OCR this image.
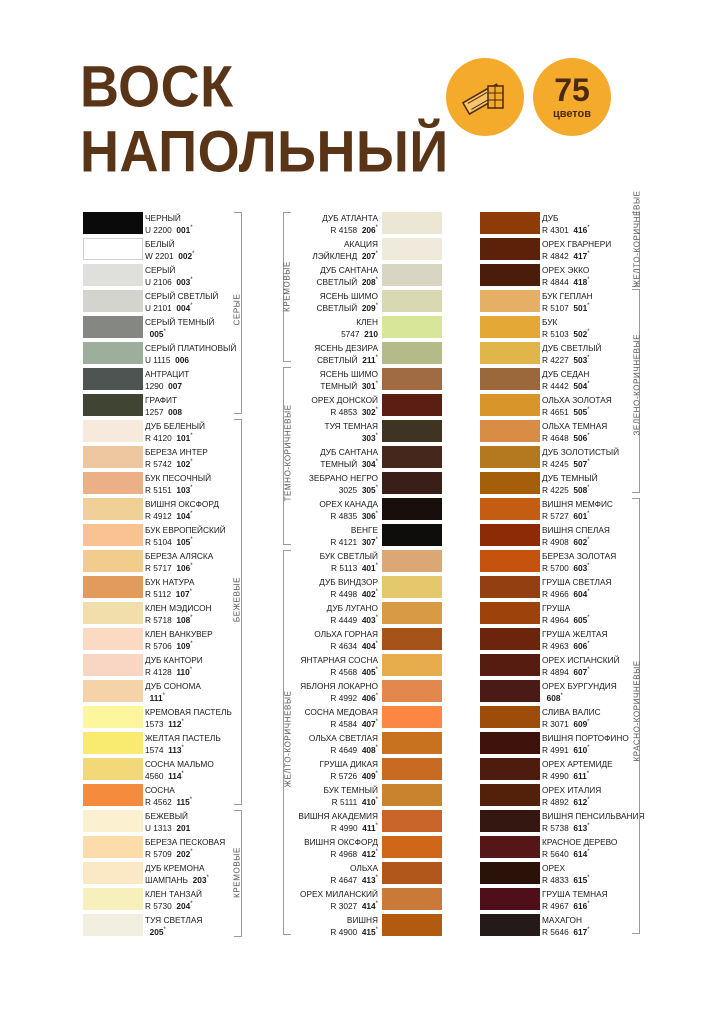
ВОСК
НАПОЛЬНЫЙ
75
цветов
ЧЕРНЫЙ
U 2200 001*
БЕЛЫЙ
W 2201 002*
СЕРЫЙ
U 2106 003*
СЕРЫЙ СВЕТЛЫЙ
U 2101 004*
СЕРЫЙ ТЕМНЫЙ
005*
СЕРЫЙ ПЛАТИНОВЫЙ
U 1115 006
АНТРАЦИТ
1290 007
ГРАФИТ
1257 008
ДУБ БЕЛЕНЫЙ
R 4120 101*
БЕРЕЗА ИНТЕР
R 5742 102*
БУК ПЕСОЧНЫЙ
R 5151 103*
ВИШНЯ ОКСФОРД
R 4912 104*
БУК ЕВРОПЕЙСКИЙ
R 5104 105*
БЕРЕЗА АЛЯСКА
R 5717 106*
БУК НАТУРА
R 5112 107*
КЛЕН МЭДИСОН
R 5718 108*
КЛЕН ВАНКУВЕР
R 5706 109*
ДУБ КАНТОРИ
R 4128 110*
ДУБ СОНОМА
111*
КРЕМОВАЯ ПАСТЕЛЬ
1573 112*
ЖЕЛТАЯ ПАСТЕЛЬ
1574 113*
СОСНА МАЛЬМО
4560 114*
СОСНА
R 4562 115*
БЕЖЕВЫЙ
U 1313 201
БЕРЕЗА ПЕСКОВАЯ
R 5709 202*
ДУБ КРЕМОНА
ШАМПАНЬ 203*
КЛЕН ТАНЗАЙ
R 5730 204*
ТУЯ СВЕТЛАЯ
205*
ДУБ АТЛАНТА
R 4158 206*
АКАЦИЯ
ЛЭЙКЛЕНД 207*
ДУБ САНТАНА
СВЕТЛЫЙ 208*
ЯСЕНЬ ШИМО
СВЕТЛЫЙ 209*
КЛЕН
5747 210
ЯСЕНЬ ДЕЗИРА
СВЕТЛЫЙ 211*
ЯСЕНЬ ШИМО
ТЕМНЫЙ 301*
ОРЕХ ДОНСКОЙ
R 4853 302*
ТУЯ ТЕМНАЯ
303*
ДУБ САНТАНА
ТЕМНЫЙ 304*
ЗЕБРАНО НЕГРО
3025 305*
ОРЕХ КАНАДА
R 4835 306*
ВЕНГЕ
R 4121 307*
БУК СВЕТЛЫЙ
R 5113 401*
ДУБ ВИНДЗОР
R 4498 402*
ДУБ ЛУГАНО
R 4449 403*
ОЛЬХА ГОРНАЯ
R 4634 404*
ЯНТАРНАЯ СОСНА
R 4568 405*
ЯБЛОНЯ ЛОКАРНО
R 4992 406*
СОСНА МЕДОВАЯ
R 4584 407*
ОЛЬХА СВЕТЛАЯ
R 4649 408*
ГРУША ДИКАЯ
R 5726 409*
БУК ТЕМНЫЙ
R 5111 410*
ВИШНЯ АКАДЕМИЯ
R 4990 411*
ВИШНЯ ОКСФОРД
R 4968 412*
ОЛЬХА
R 4647 413*
ОРЕХ МИЛАНСКИЙ
R 3027 414*
ВИШНЯ
R 4900 415*
ДУБ
R 4301 416*
ОРЕХ ГВАРНЕРИ
R 4842 417*
ОРЕХ ЭККО
R 4844 418*
БУК ГЕПЛАН
R 5107 501*
БУК
R 5103 502*
ДУБ СВЕТЛЫЙ
R 4227 503*
ДУБ СЕДАН
R 4442 504*
ОЛЬХА ЗОЛОТАЯ
R 4651 505*
ОЛЬХА ТЕМНАЯ
R 4648 506*
ДУБ ЗОЛОТИСТЫЙ
R 4245 507*
ДУБ ТЕМНЫЙ
R 4225 508*
ВИШНЯ МЕМФИС
R 5727 601*
ВИШНЯ СПЕЛАЯ
R 4908 602*
БЕРЕЗА ЗОЛОТАЯ
R 5700 603*
ГРУША СВЕТЛАЯ
R 4966 604*
ГРУША
R 4964 605*
ГРУША ЖЕЛТАЯ
R 4963 606*
ОРЕХ ИСПАНСКИЙ
R 4894 607*
ОРЕХ БУРГУНДИЯ
608*
СЛИВА ВАЛИС
R 3071 609*
ВИШНЯ ПОРТОФИНО
R 4991 610*
ОРЕХ АРТЕМИДЕ
R 4990 611*
ОРЕХ ИТАЛИЯ
R 4892 612*
ВИШНЯ ПЕНСИЛЬВАНИЯ
R 5738 613*
КРАСНОЕ ДЕРЕВО
R 5640 614*
ОРЕХ
R 4833 615*
ГРУША ТЕМНАЯ
R 4967 616*
МАХАГОН
R 5646 617*
СЕРЫЕ
БЕЖЕВЫЕ
КРЕМОВЫЕ
КРЕМОВЫЕ
ТЕМНО-КОРИЧНЕВЫЕ
ЖЕЛТО-КОРИЧНЕВЫЕ
ЖЕЛТО-КОРИЧНЕВЫЕ
ЗЕЛЕНО-КОРИЧНЕВЫЕ
КРАСНО-КОРИЧНЕВЫЕ
